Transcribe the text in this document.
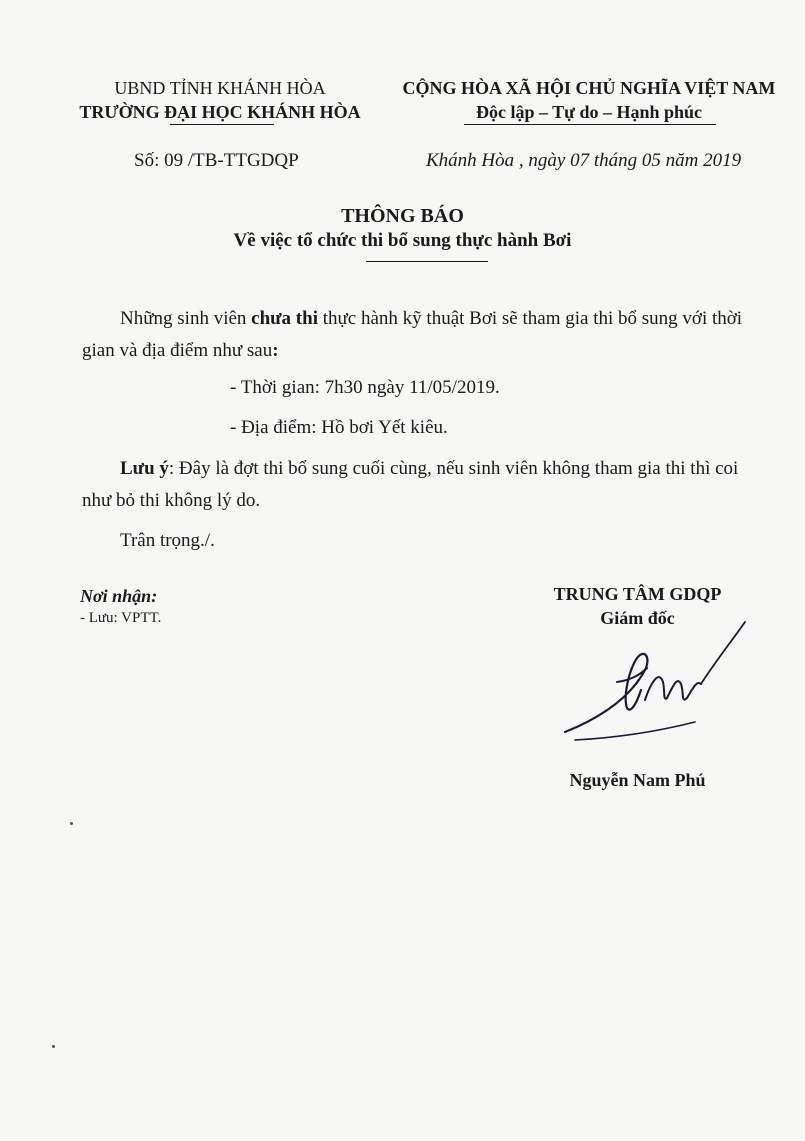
UBND TỈNH KHÁNH HÒA
TRƯỜNG ĐẠI HỌC KHÁNH HÒA
CỘNG HÒA XÃ HỘI CHỦ NGHĨA VIỆT NAM
Độc lập – Tự do – Hạnh phúc
Số: 09 /TB-TTGDQP	Khánh Hòa , ngày 07 tháng 05 năm 2019
THÔNG BÁO
Về việc tổ chức thi bổ sung thực hành Bơi
Những sinh viên chưa thi thực hành kỹ thuật Bơi sẽ tham gia thi bổ sung với thời
gian và địa điểm như sau:
- Thời gian: 7h30 ngày 11/05/2019.
- Địa điểm: Hồ bơi Yết kiêu.
Lưu ý: Đây là đợt thi bổ sung cuối cùng, nếu sinh viên không tham gia thi thì coi
như bỏ thi không lý do.
Trân trọng./.
Nơi nhận:
- Lưu: VPTT.
TRUNG TÂM GDQP
Giám đốc
Nguyễn Nam Phú
